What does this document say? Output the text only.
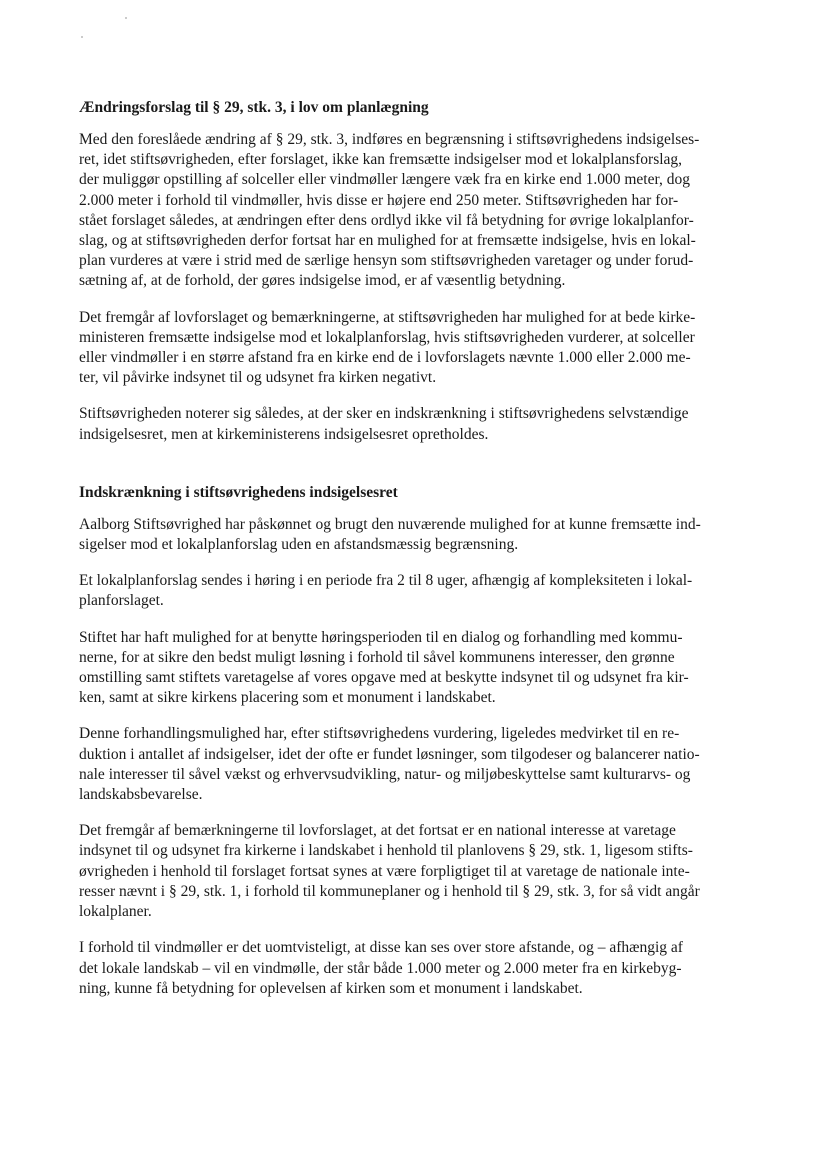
Ændringsforslag til § 29, stk. 3, i lov om planlægning

Med den foreslåede ændring af § 29, stk. 3, indføres en begrænsning i stiftsøvrighedens indsigelses-
ret, idet stiftsøvrigheden, efter forslaget, ikke kan fremsætte indsigelser mod et lokalplansforslag,
der muliggør opstilling af solceller eller vindmøller længere væk fra en kirke end 1.000 meter, dog
2.000 meter i forhold til vindmøller, hvis disse er højere end 250 meter. Stiftsøvrigheden har for-
stået forslaget således, at ændringen efter dens ordlyd ikke vil få betydning for øvrige lokalplanfor-
slag, og at stiftsøvrigheden derfor fortsat har en mulighed for at fremsætte indsigelse, hvis en lokal-
plan vurderes at være i strid med de særlige hensyn som stiftsøvrigheden varetager og under forud-
sætning af, at de forhold, der gøres indsigelse imod, er af væsentlig betydning.

Det fremgår af lovforslaget og bemærkningerne, at stiftsøvrigheden har mulighed for at bede kirke-
ministeren fremsætte indsigelse mod et lokalplanforslag, hvis stiftsøvrigheden vurderer, at solceller
eller vindmøller i en større afstand fra en kirke end de i lovforslagets nævnte 1.000 eller 2.000 me-
ter, vil påvirke indsynet til og udsynet fra kirken negativt.

Stiftsøvrigheden noterer sig således, at der sker en indskrænkning i stiftsøvrighedens selvstændige
indsigelsesret, men at kirkeministerens indsigelsesret opretholdes.

Indskrænkning i stiftsøvrighedens indsigelsesret

Aalborg Stiftsøvrighed har påskønnet og brugt den nuværende mulighed for at kunne fremsætte ind-
sigelser mod et lokalplanforslag uden en afstandsmæssig begrænsning.

Et lokalplanforslag sendes i høring i en periode fra 2 til 8 uger, afhængig af kompleksiteten i lokal-
planforslaget.

Stiftet har haft mulighed for at benytte høringsperioden til en dialog og forhandling med kommu-
nerne, for at sikre den bedst muligt løsning i forhold til såvel kommunens interesser, den grønne
omstilling samt stiftets varetagelse af vores opgave med at beskytte indsynet til og udsynet fra kir-
ken, samt at sikre kirkens placering som et monument i landskabet.

Denne forhandlingsmulighed har, efter stiftsøvrighedens vurdering, ligeledes medvirket til en re-
duktion i antallet af indsigelser, idet der ofte er fundet løsninger, som tilgodeser og balancerer natio-
nale interesser til såvel vækst og erhvervsudvikling, natur- og miljøbeskyttelse samt kulturarvs- og
landskabsbevarelse.

Det fremgår af bemærkningerne til lovforslaget, at det fortsat er en national interesse at varetage
indsynet til og udsynet fra kirkerne i landskabet i henhold til planlovens § 29, stk. 1, ligesom stifts-
øvrigheden i henhold til forslaget fortsat synes at være forpligtiget til at varetage de nationale inte-
resser nævnt i § 29, stk. 1, i forhold til kommuneplaner og i henhold til § 29, stk. 3, for så vidt angår
lokalplaner.

I forhold til vindmøller er det uomtvisteligt, at disse kan ses over store afstande, og – afhængig af
det lokale landskab – vil en vindmølle, der står både 1.000 meter og 2.000 meter fra en kirkebyg-
ning, kunne få betydning for oplevelsen af kirken som et monument i landskabet.
